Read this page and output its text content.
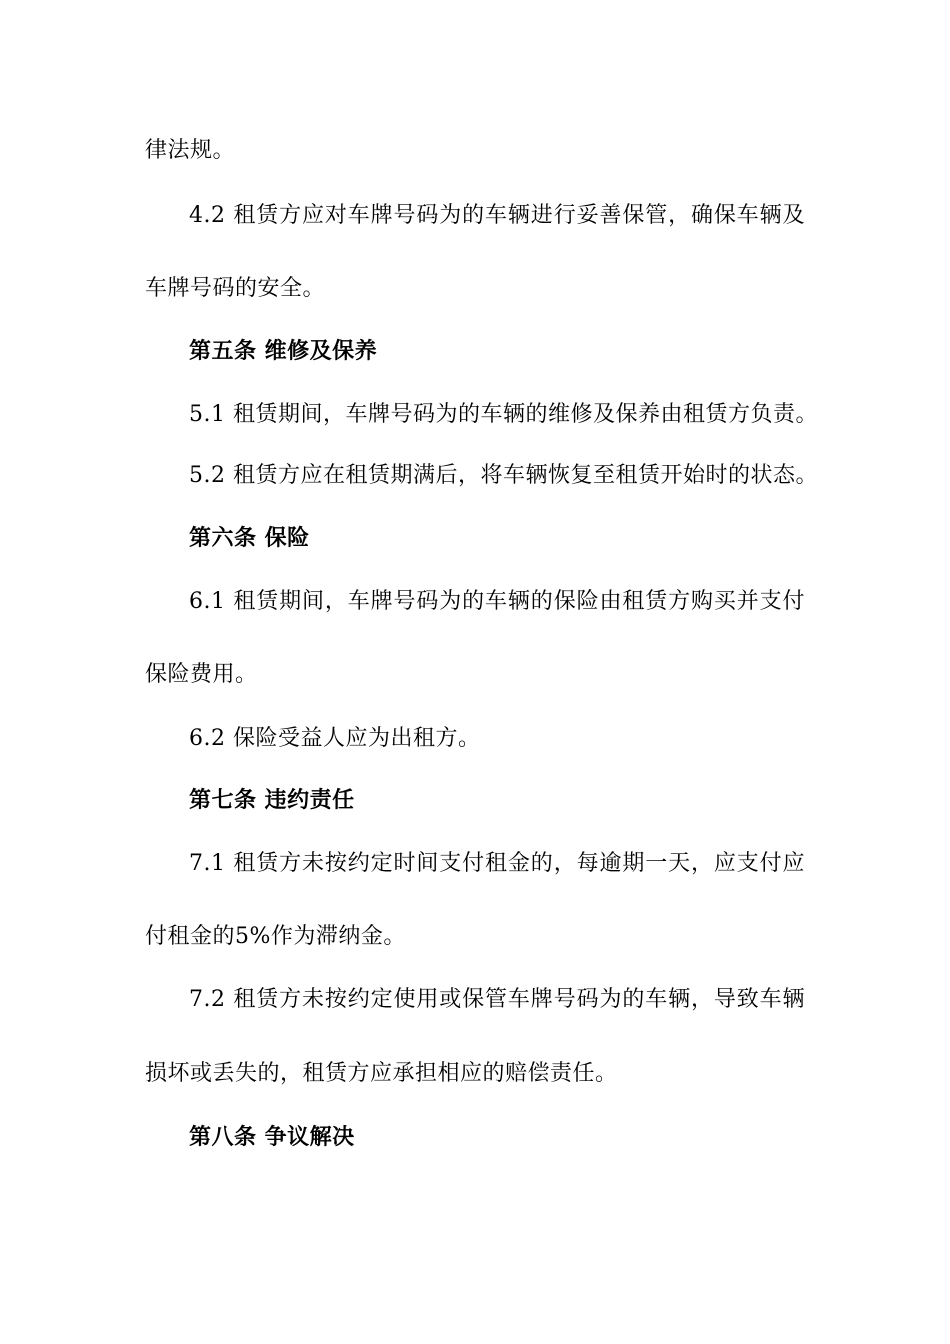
律法规。
4.2 租赁方应对车牌号码为的车辆进行妥善保管，确保车辆及
车牌号码的安全。
第五条 维修及保养
5.1 租赁期间，车牌号码为的车辆的维修及保养由租赁方负责。
5.2 租赁方应在租赁期满后，将车辆恢复至租赁开始时的状态。
第六条 保险
6.1 租赁期间，车牌号码为的车辆的保险由租赁方购买并支付
保险费用。
6.2 保险受益人应为出租方。
第七条 违约责任
7.1 租赁方未按约定时间支付租金的，每逾期一天，应支付应
付租金的5%作为滞纳金。
7.2 租赁方未按约定使用或保管车牌号码为的车辆，导致车辆
损坏或丢失的，租赁方应承担相应的赔偿责任。
第八条 争议解决
